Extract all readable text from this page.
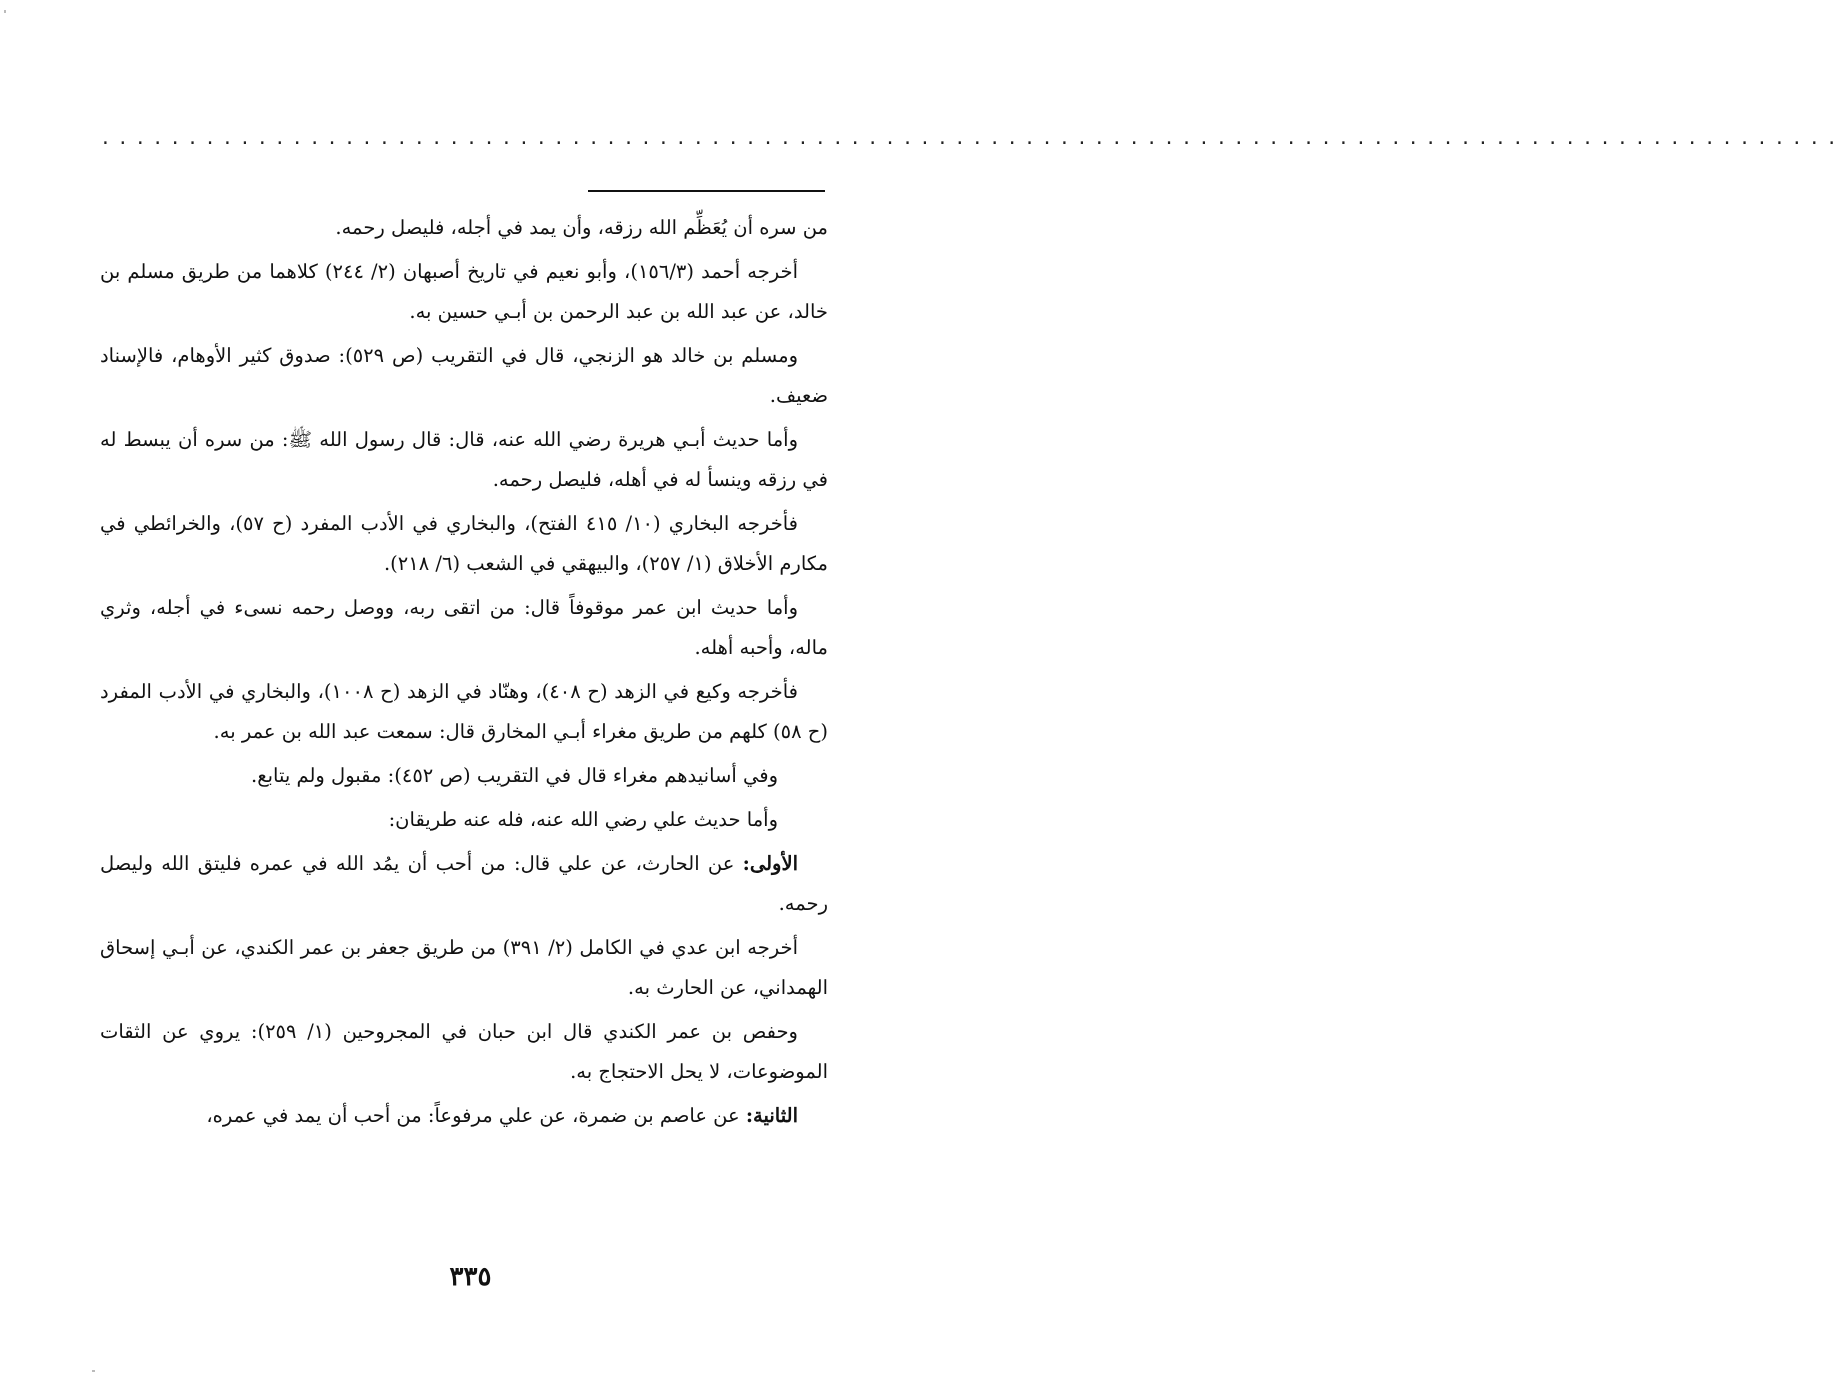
....................................................................................................

من سره أن يُعَظِّم الله رزقه، وأن يمد في أجله، فليصل رحمه.

أخرجه أحمد (١٥٦/٣)، وأبو نعيم في تاريخ أصبهان (٢/ ٢٤٤) كلاهما من طريق مسلم بن خالد، عن عبد الله بن عبد الرحمن بن أبـي حسين به.

ومسلم بن خالد هو الزنجي، قال في التقريب (ص ٥٢٩): صدوق كثير الأوهام، فالإسناد ضعيف.

وأما حديث أبـي هريرة رضي الله عنه، قال: قال رسول الله ﷺ: من سره أن يبسط له في رزقه وينسأ له في أهله، فليصل رحمه.

فأخرجه البخاري (١٠/ ٤١٥ الفتح)، والبخاري في الأدب المفرد (ح ٥٧)، والخرائطي في مكارم الأخلاق (١/ ٢٥٧)، والبيهقي في الشعب (٦/ ٢١٨).

وأما حديث ابن عمر موقوفاً قال: من اتقى ربه، ووصل رحمه نسىء في أجله، وثري ماله، وأحبه أهله.

فأخرجه وكيع في الزهد (ح ٤٠٨)، وهنّاد في الزهد (ح ١٠٠٨)، والبخاري في الأدب المفرد (ح ٥٨) كلهم من طريق مغراء أبـي المخارق قال: سمعت عبد الله بن عمر به.

وفي أسانيدهم مغراء قال في التقريب (ص ٤٥٢): مقبول ولم يتابع.

وأما حديث علي رضي الله عنه، فله عنه طريقان:

الأولى: عن الحارث، عن علي قال: من أحب أن يمُد الله في عمره فليتق الله وليصل رحمه.

أخرجه ابن عدي في الكامل (٢/ ٣٩١) من طريق جعفر بن عمر الكندي، عن أبـي إسحاق الهمداني، عن الحارث به.

وحفص بن عمر الكندي قال ابن حبان في المجروحين (١/ ٢٥٩): يروي عن الثقات الموضوعات، لا يحل الاحتجاج به.

الثانية: عن عاصم بن ضمرة، عن علي مرفوعاً: من أحب أن يمد في عمره،

٣٣٥
